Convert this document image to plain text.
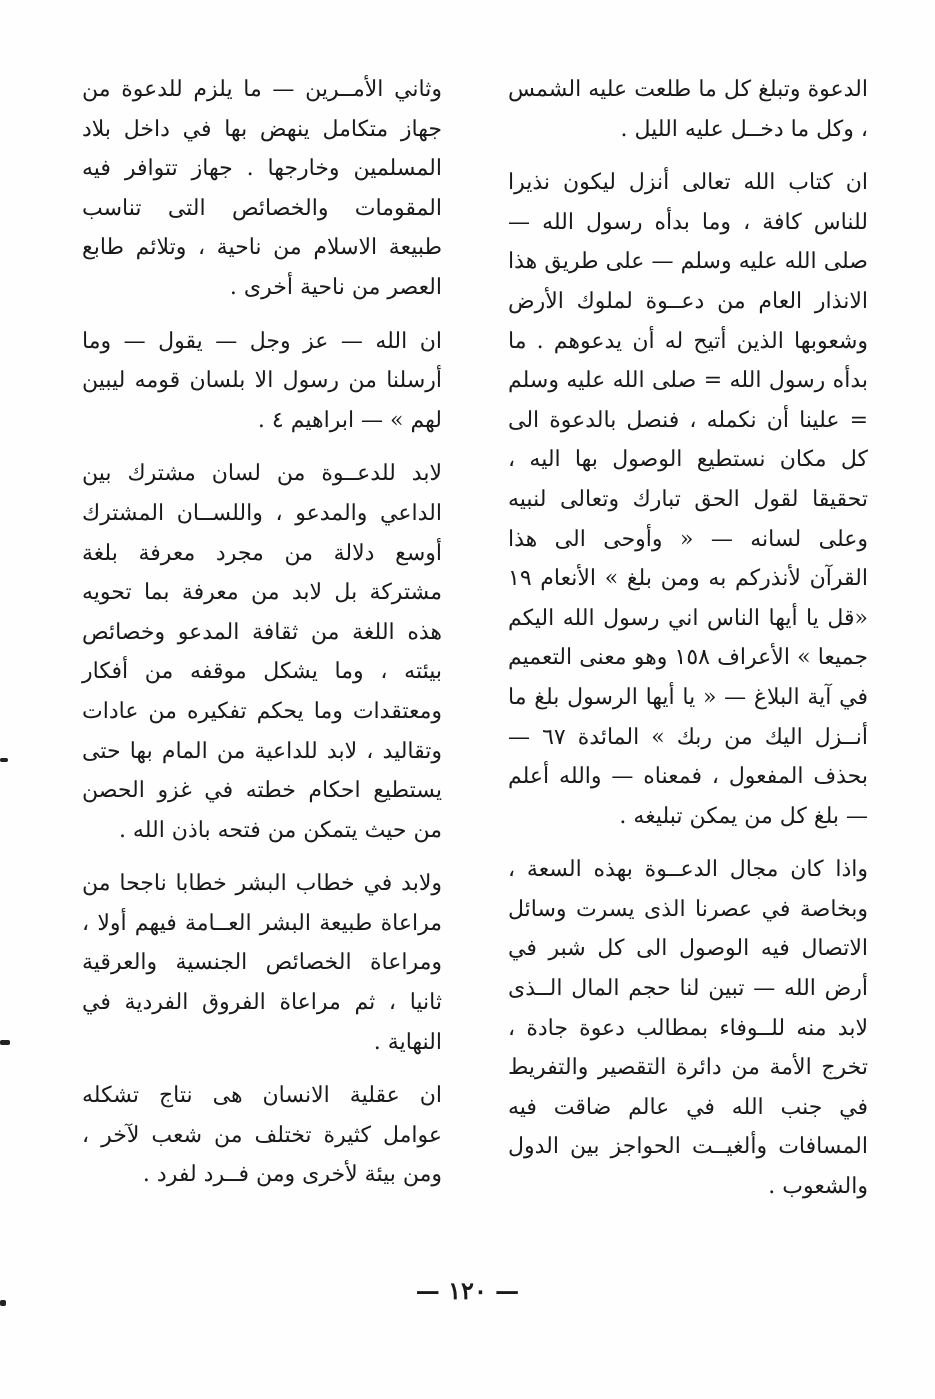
الدعوة وتبلغ كل ما طلعت عليه الشمس ، وكل ما دخــل عليه الليل .

ان كتاب الله تعالى أنزل ليكون نذيرا للناس كافة ، وما بدأه رسول الله — صلى الله عليه وسلم — على طريق هذا الانذار العام من دعــوة لملوك الأرض وشعوبها الذين أتيح له أن يدعوهم . ما بدأه رسول الله = صلى الله عليه وسلم = علينا أن نكمله ، فنصل بالدعوة الى كل مكان نستطيع الوصول بها اليه ، تحقيقا لقول الحق تبارك وتعالى لنبيه وعلى لسانه — « وأوحى الى هذا القرآن لأنذركم به ومن بلغ » الأنعام ١٩ «قل يا أيها الناس اني رسول الله اليكم جميعا » الأعراف ١٥٨ وهو معنى التعميم في آية البلاغ — « يا أيها الرسول بلغ ما أنــزل اليك من ربك » المائدة ٦٧ — بحذف المفعول ، فمعناه — والله أعلم — بلغ كل من يمكن تبليغه .

واذا كان مجال الدعــوة بهذه السعة ، وبخاصة في عصرنا الذى يسرت وسائل الاتصال فيه الوصول الى كل شبر في أرض الله — تبين لنا حجم المال الــذى لابد منه للــوفاء بمطالب دعوة جادة ، تخرج الأمة من دائرة التقصير والتفريط في جنب الله في عالم ضاقت فيه المسافات وألغيــت الحواجز بين الدول والشعوب .

وثاني الأمــرين — ما يلزم للدعوة من جهاز متكامل ينهض بها في داخل بلاد المسلمين وخارجها . جهاز تتوافر فيه المقومات والخصائص التى تناسب طبيعة الاسلام من ناحية ، وتلائم طابع العصر من ناحية أخرى .

ان الله — عز وجل — يقول — وما أرسلنا من رسول الا بلسان قومه ليبين لهم » — ابراهيم ٤ .

لابد للدعــوة من لسان مشترك بين الداعي والمدعو ، واللســان المشترك أوسع دلالة من مجرد معرفة بلغة مشتركة بل لابد من معرفة بما تحويه هذه اللغة من ثقافة المدعو وخصائص بيئته ، وما يشكل موقفه من أفكار ومعتقدات وما يحكم تفكيره من عادات وتقاليد ، لابد للداعية من المام بها حتى يستطيع احكام خطته في غزو الحصن من حيث يتمكن من فتحه باذن الله .

ولابد في خطاب البشر خطابا ناجحا من مراعاة طبيعة البشر العــامة فيهم أولا ، ومراعاة الخصائص الجنسية والعرقية ثانيا ، ثم مراعاة الفروق الفردية في النهاية .

ان عقلية الانسان هى نتاج تشكله عوامل كثيرة تختلف من شعب لآخر ، ومن بيئة لأخرى ومن فــرد لفرد .

— ١٢٠ —
